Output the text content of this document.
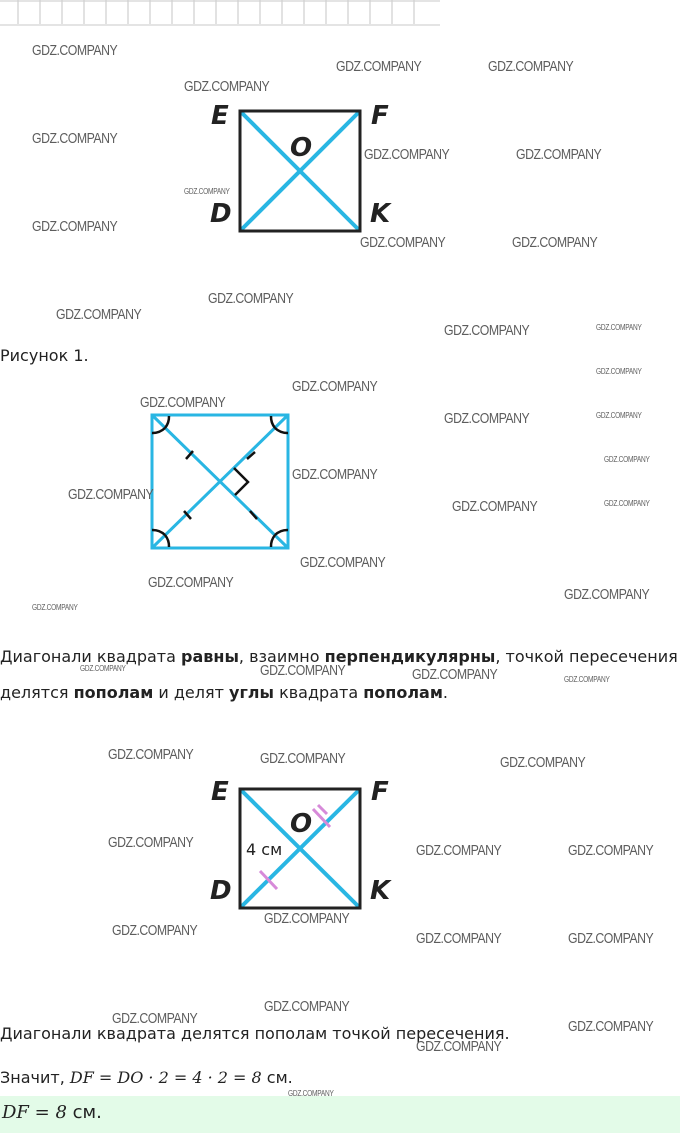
E	F
D	K
O
Рисунок 1.
Диагонали квадрата равны, взаимно перпендикулярны, точкой пересечения
делятся пополам и делят углы квадрата пополам.
E	F
D	K
O
4 см
Диагонали квадрата делятся пополам точкой пересечения.
Значит, DF = DO · 2 = 4 · 2 = 8 см.
DF = 8 см.
GDZ.COMPANY
GDZ.COMPANY	GDZ.COMPANY
GDZ.COMPANY
GDZ.COMPANY
GDZ.COMPANY	GDZ.COMPANY
GDZ.COMPANY
GDZ.COMPANY
GDZ.COMPANY	GDZ.COMPANY
GDZ.COMPANY
GDZ.COMPANY
GDZ.COMPANY	GDZ.COMPANY
GDZ.COMPANY
GDZ.COMPANY
GDZ.COMPANY
GDZ.COMPANY	GDZ.COMPANY
GDZ.COMPANY
GDZ.COMPANY
GDZ.COMPANY
GDZ.COMPANY	GDZ.COMPANY
GDZ.COMPANY
GDZ.COMPANY
GDZ.COMPANY
GDZ.COMPANY
GDZ.COMPANY	GDZ.COMPANY	GDZ.COMPANY	GDZ.COMPANY
GDZ.COMPANY	GDZ.COMPANY	GDZ.COMPANY
GDZ.COMPANY	GDZ.COMPANY	GDZ.COMPANY
GDZ.COMPANY
GDZ.COMPANY	GDZ.COMPANY	GDZ.COMPANY
GDZ.COMPANY
GDZ.COMPANY	GDZ.COMPANY
GDZ.COMPANY
GDZ.COMPANY
